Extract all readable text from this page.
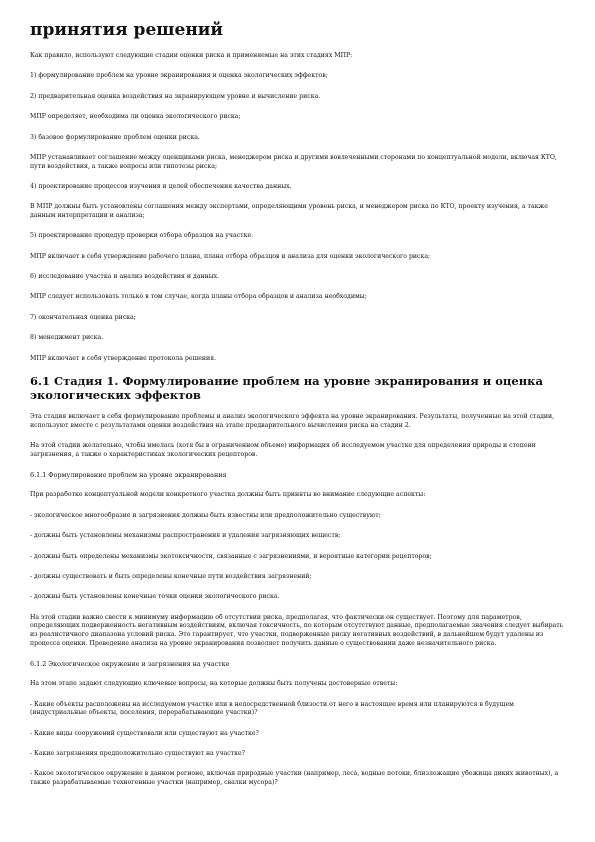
принятия решений
Как правило, используют следующие стадии оценки риска и применяемые на этих стадиях МПР:
1) формулирование проблем на уровне экранирования и оценка экологических эффектов;
2) предварительная оценка воздействия на экранирующем уровне и вычисление риска.
МПР определяет, необходима ли оценка экологического риска;
3) базовое формулирование проблем оценки риска.
МПР устанавливает соглашение между оценщиками риска, менеджером риска и другими вовлеченными сторонами по концептуальной модели, включая КТО, пути воздействия, а также вопросы или гипотезы риска;
4) проектирование процессов изучения и целей обеспечения качества данных.
В МПР должны быть установлены соглашения между экспертами, определяющими уровень риска, и менеджером риска по КТО, проекту изучения, а также данным интерпретации и анализа;
5) проектирование процедур проверки отбора образцов на участке.
МПР включает в себя утверждение рабочего плана, плана отбора образцов и анализа для оценки экологического риска;
6) исследование участка и анализ воздействия и данных.
МПР следует использовать только в том случае, когда планы отбора образцов и анализа необходимы;
7) окончательная оценка риска;
8) менеджмент риска.
МПР включает в себя утверждение протокола решения.
6.1 Стадия 1. Формулирование проблем на уровне экранирования и оценка экологических эффектов
Эта стадия включает в себя формулирование проблемы и анализ экологического эффекта на уровне экранирования. Результаты, полученные на этой стадии, используют вместе с результатами оценки воздействия на этапе предварительного вычисления риска на стадии 2.
На этой стадии желательно, чтобы имелась (хотя бы в ограниченном объеме) информация об исследуемом участке для определения природы и степени загрязнения, а также о характеристиках экологических рецепторов.
6.1.1 Формулирование проблем на уровне экранирования
При разработке концептуальной модели конкретного участка должны быть приняты во внимание следующие аспекты:
- экологическое многообразие и загрязнения должны быть известны или предположительно существуют;
- должны быть установлены механизмы распространения и удаления загрязняющих веществ;
- должны быть определены механизмы экотоксичности, связанные с загрязнениями, и вероятные категории рецепторов;
- должны существовать и быть определены конечные пути воздействия загрязнений;
- должны быть установлены конечные точки оценки экологического риска.
На этой стадии важно свести к минимуму информацию об отсутствии риска, предполагая, что фактически он существует. Поэтому для параметров, определяющих подверженность негативным воздействиям, включая токсичность, по которым отсутствуют данные, предполагаемые значения следует выбирать из реалистичного диапазона условий риска. Это гарантирует, что участки, подверженные риску негативных воздействий, в дальнейшем будут удалены из процесса оценки. Проведение анализа на уровне экранирования позволяет получить данные о существовании даже незначительного риска.
6.1.2 Экологическое окружение и загрязнения на участке
На этом этапе задают следующие ключевые вопросы, на которые должны быть получены достоверные ответы:
- Какие объекты расположены на исследуемом участке или в непосредственной близости от него в настоящее время или планируются в будущем (индустриальные объекты, поселения, перерабатывающие участки)?
- Какие виды сооружений существовали или существуют на участке?
- Какие загрязнения предположительно существуют на участке?
- Какое экологическое окружение в данном регионе, включая природные участки (например, лесá, водные потоки, близлежащие убежища диких животных), а также разрабатываемые техногенные участки (например, свалки мусора)?
